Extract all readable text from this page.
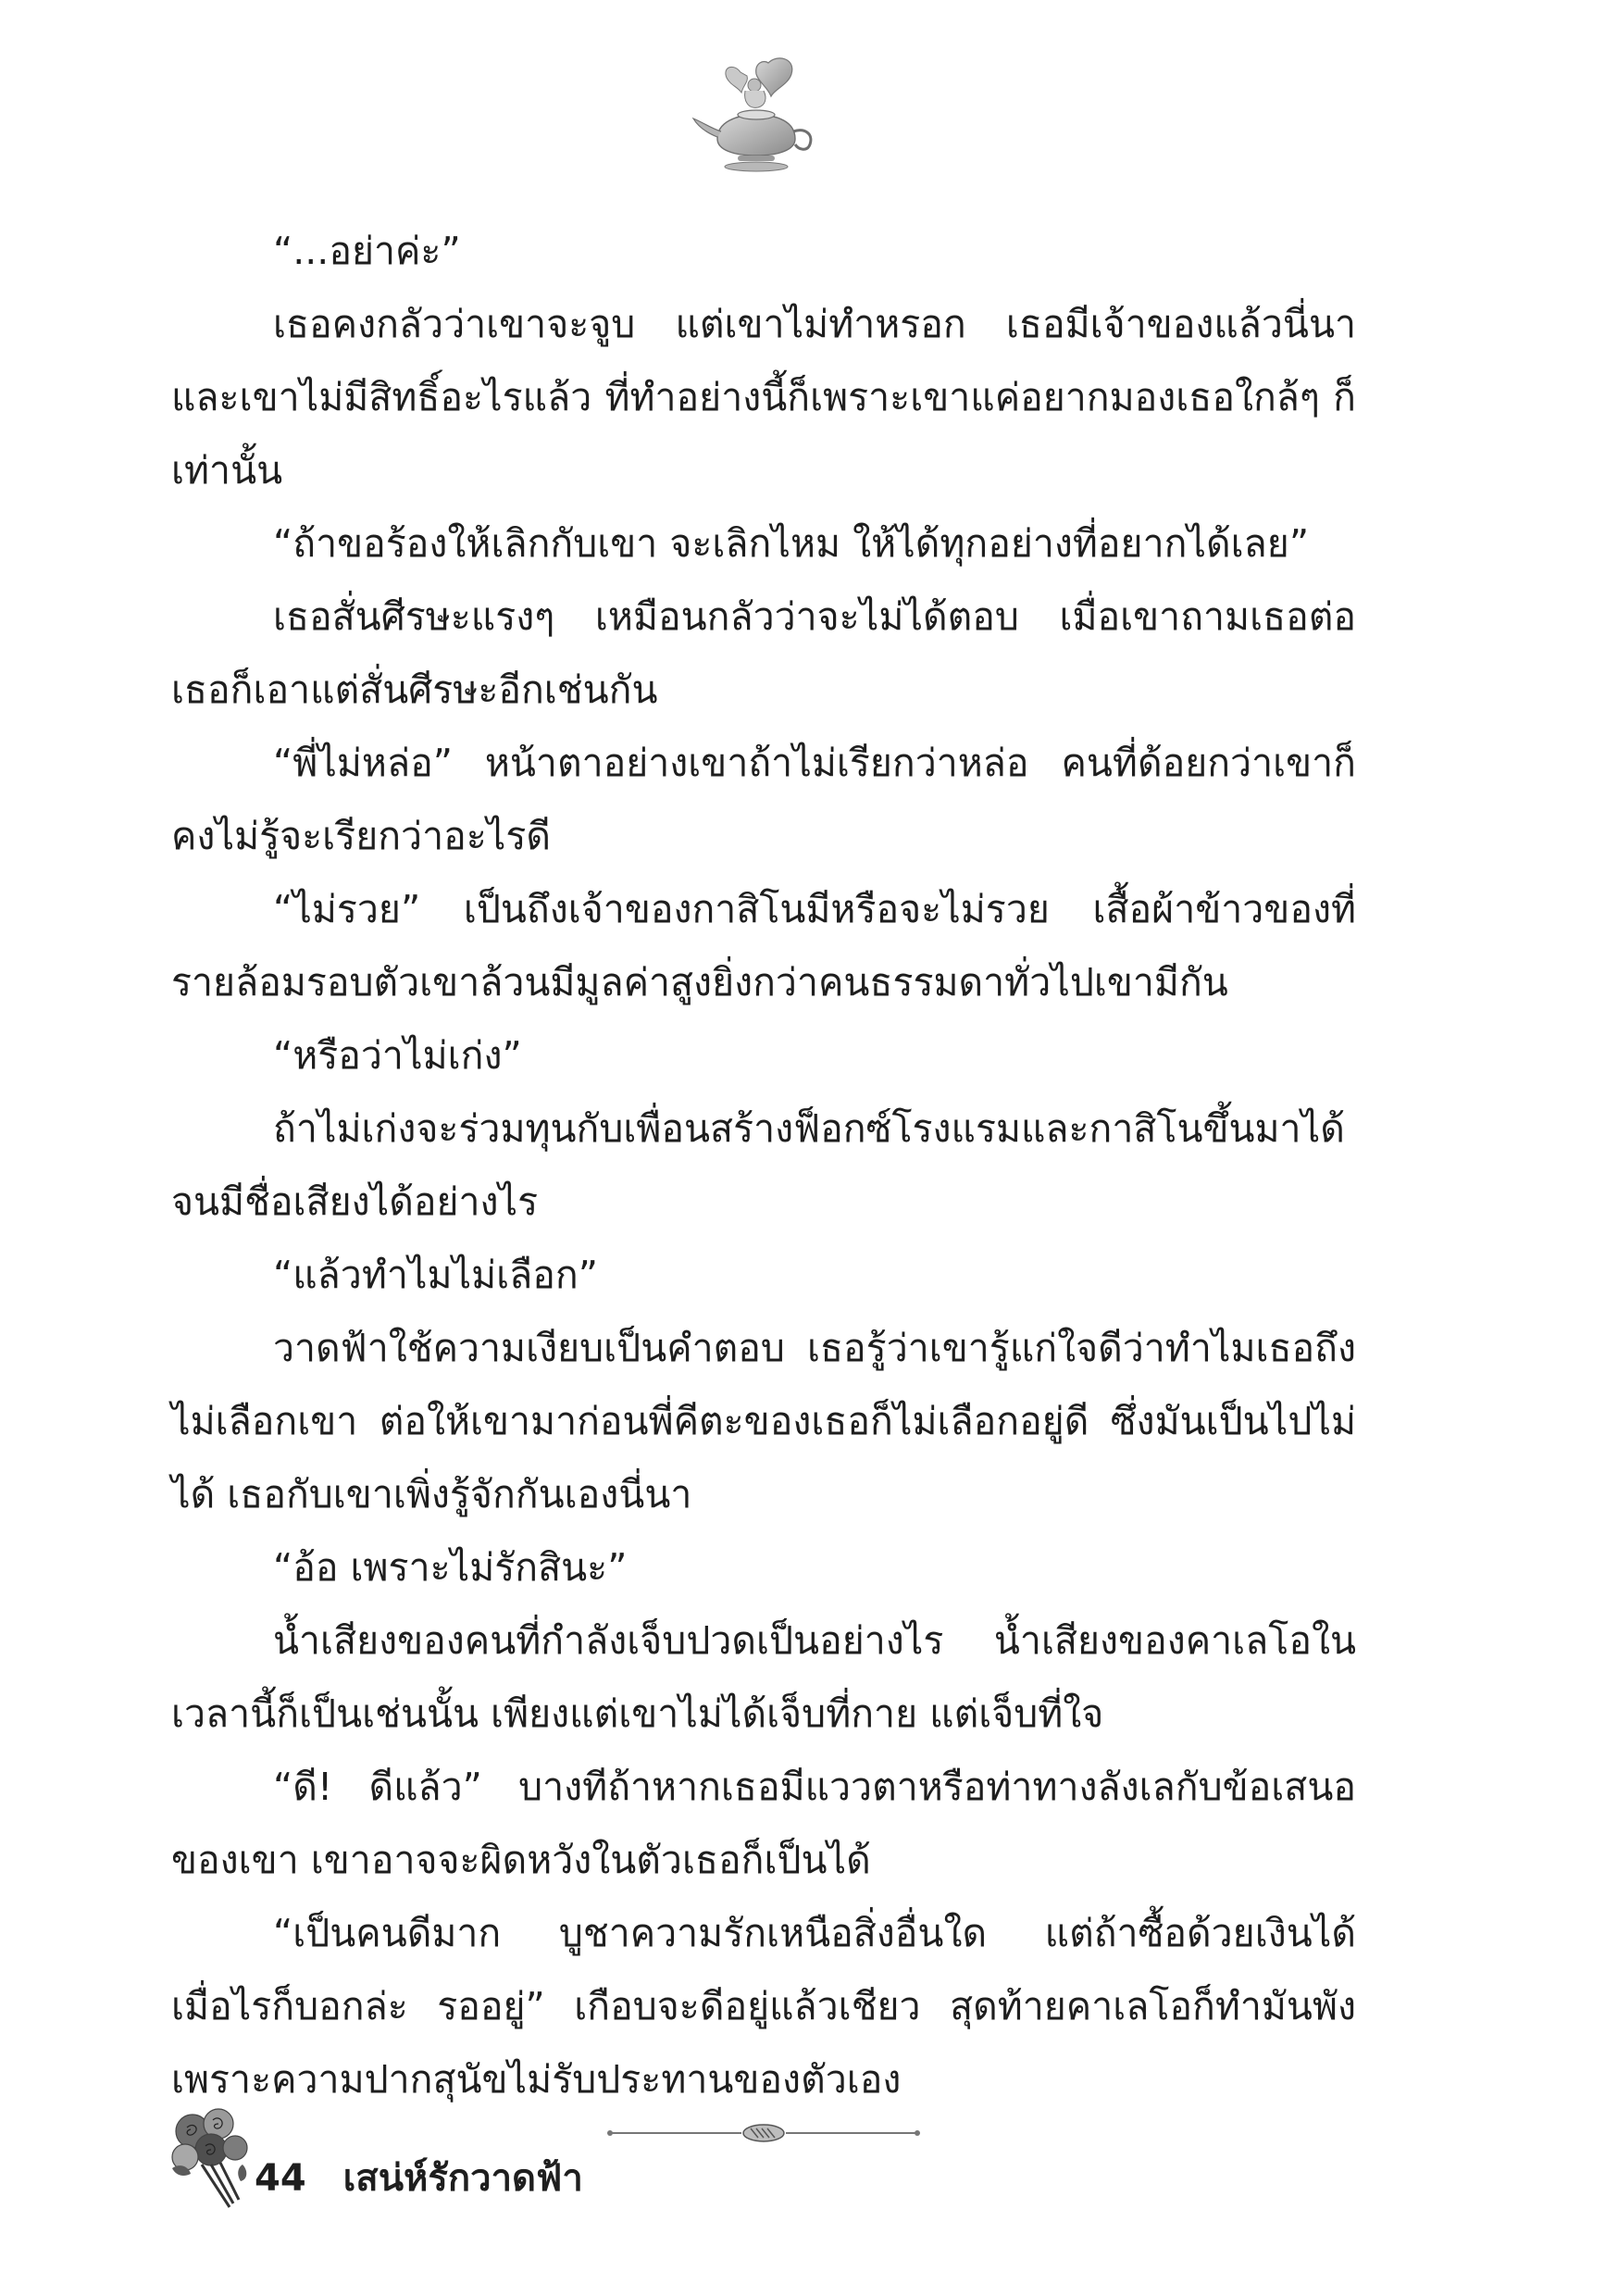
“...อย่าค่ะ”

เธอคงกลัวว่าเขาจะจูบ แต่เขาไม่ทำหรอก เธอมีเจ้าของแล้วนี่นา และเขาไม่มีสิทธิ์อะไรแล้ว ที่ทำอย่างนี้ก็เพราะเขาแค่อยากมองเธอใกล้ๆ ก็เท่านั้น

“ถ้าขอร้องให้เลิกกับเขา จะเลิกไหม ให้ได้ทุกอย่างที่อยากได้เลย”

เธอสั่นศีรษะแรงๆ เหมือนกลัวว่าจะไม่ได้ตอบ เมื่อเขาถามเธอต่อ เธอก็เอาแต่สั่นศีรษะอีกเช่นกัน

“พี่ไม่หล่อ” หน้าตาอย่างเขาถ้าไม่เรียกว่าหล่อ คนที่ด้อยกว่าเขาก็คงไม่รู้จะเรียกว่าอะไรดี

“ไม่รวย” เป็นถึงเจ้าของกาสิโนมีหรือจะไม่รวย เสื้อผ้าข้าวของที่รายล้อมรอบตัวเขาล้วนมีมูลค่าสูงยิ่งกว่าคนธรรมดาทั่วไปเขามีกัน

“หรือว่าไม่เก่ง”

ถ้าไม่เก่งจะร่วมทุนกับเพื่อนสร้างฟ็อกซ์โรงแรมและกาสิโนขึ้นมาได้จนมีชื่อเสียงได้อย่างไร

“แล้วทำไมไม่เลือก”

วาดฟ้าใช้ความเงียบเป็นคำตอบ เธอรู้ว่าเขารู้แก่ใจดีว่าทำไมเธอถึงไม่เลือกเขา ต่อให้เขามาก่อนพี่คีตะของเธอก็ไม่เลือกอยู่ดี ซึ่งมันเป็นไปไม่ได้ เธอกับเขาเพิ่งรู้จักกันเองนี่นา

“อ้อ เพราะไม่รักสินะ”

น้ำเสียงของคนที่กำลังเจ็บปวดเป็นอย่างไร น้ำเสียงของคาเลโอในเวลานี้ก็เป็นเช่นนั้น เพียงแต่เขาไม่ได้เจ็บที่กาย แต่เจ็บที่ใจ

“ดี! ดีแล้ว” บางทีถ้าหากเธอมีแววตาหรือท่าทางลังเลกับข้อเสนอของเขา เขาอาจจะผิดหวังในตัวเธอก็เป็นได้

“เป็นคนดีมาก บูชาความรักเหนือสิ่งอื่นใด แต่ถ้าซื้อด้วยเงินได้เมื่อไรก็บอกล่ะ รออยู่” เกือบจะดีอยู่แล้วเชียว สุดท้ายคาเลโอก็ทำมันพังเพราะความปากสุนัขไม่รับประทานของตัวเอง

44 เสน่ห์รักวาดฟ้า
